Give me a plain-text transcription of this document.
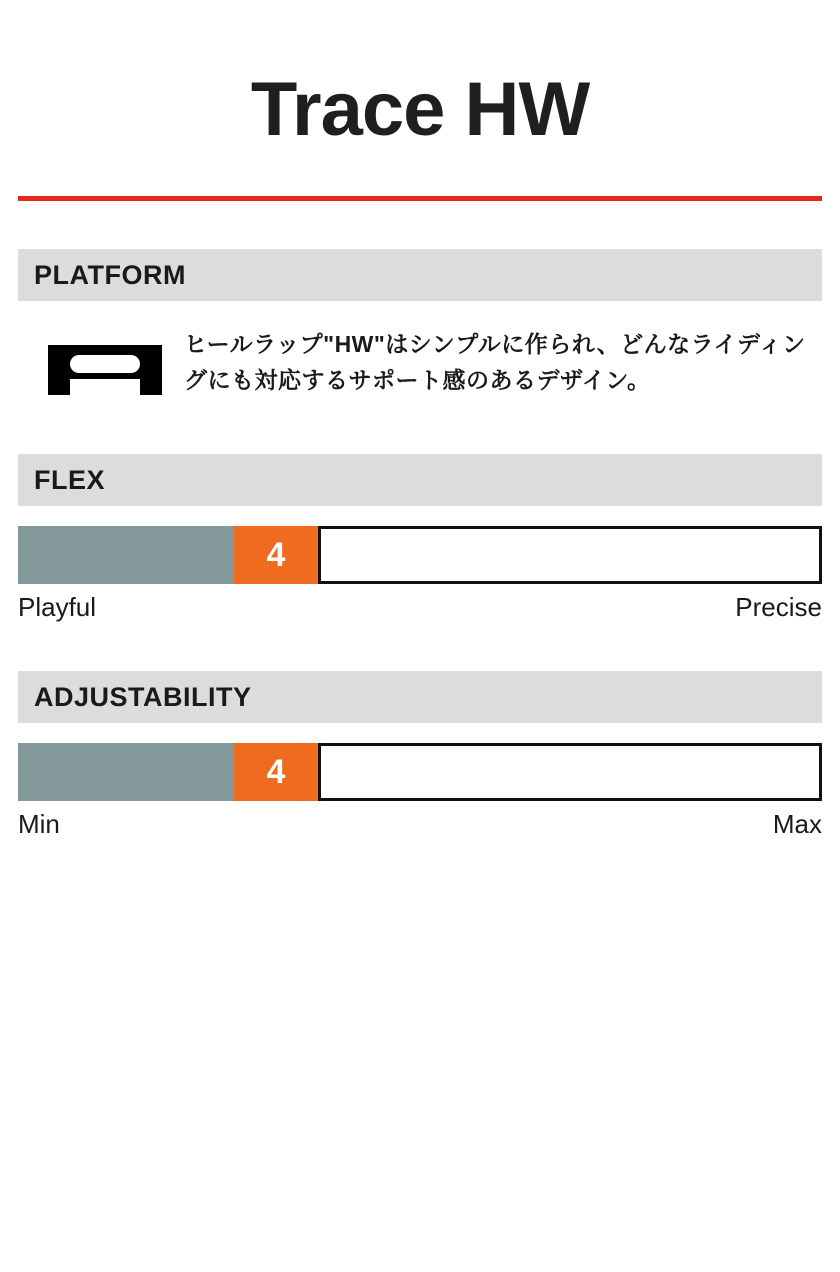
Trace HW
PLATFORM
ヒールラップ"HW"はシンプルに作られ、どんなライディングにも対応するサポート感のあるデザイン。
FLEX
4
Playful	Precise
ADJUSTABILITY
4
Min	Max
